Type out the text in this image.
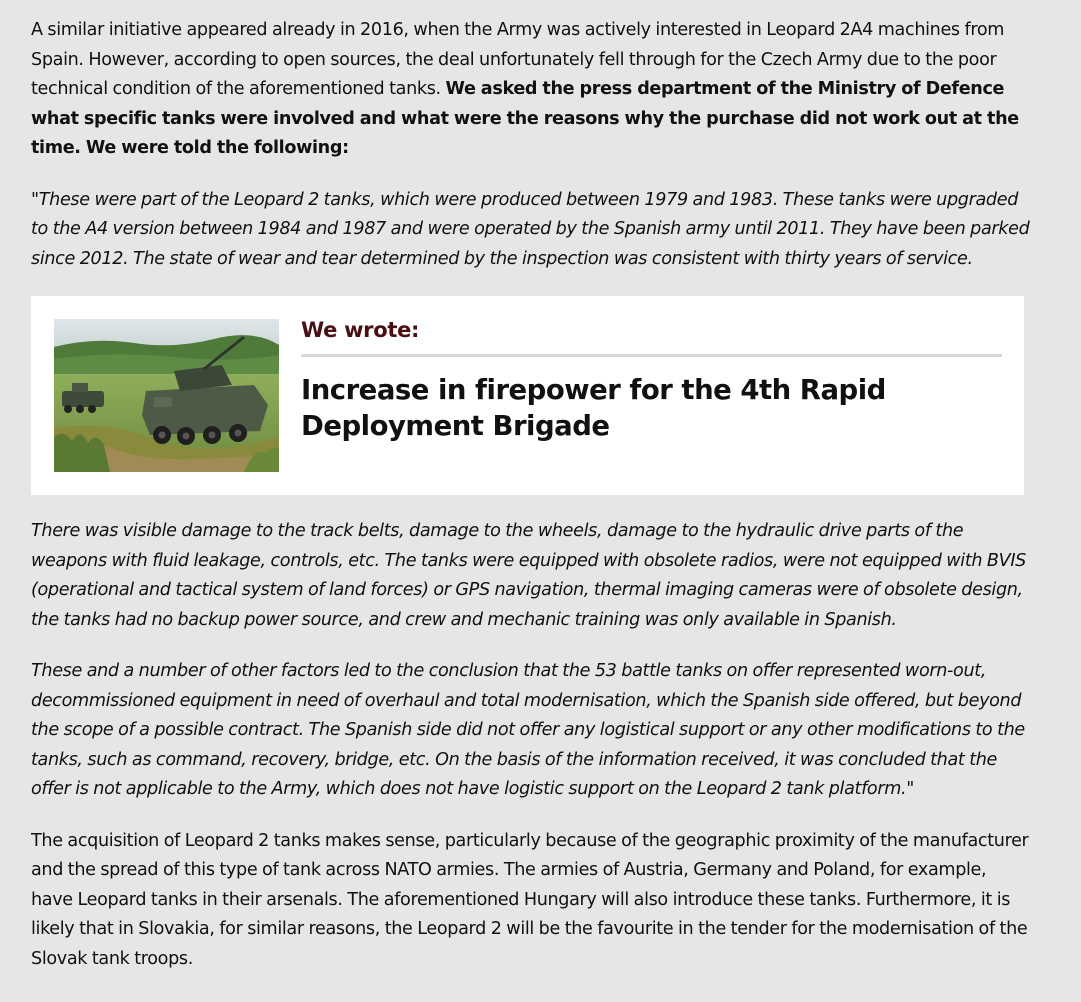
A similar initiative appeared already in 2016, when the Army was actively interested in Leopard 2A4 machines from Spain. However, according to open sources, the deal unfortunately fell through for the Czech Army due to the poor technical condition of the aforementioned tanks. We asked the press department of the Ministry of Defence what specific tanks were involved and what were the reasons why the purchase did not work out at the time. We were told the following:

"These were part of the Leopard 2 tanks, which were produced between 1979 and 1983. These tanks were upgraded to the A4 version between 1984 and 1987 and were operated by the Spanish army until 2011. They have been parked since 2012. The state of wear and tear determined by the inspection was consistent with thirty years of service.

We wrote:
Increase in firepower for the 4th Rapid Deployment Brigade

There was visible damage to the track belts, damage to the wheels, damage to the hydraulic drive parts of the weapons with fluid leakage, controls, etc. The tanks were equipped with obsolete radios, were not equipped with BVIS (operational and tactical system of land forces) or GPS navigation, thermal imaging cameras were of obsolete design, the tanks had no backup power source, and crew and mechanic training was only available in Spanish.

These and a number of other factors led to the conclusion that the 53 battle tanks on offer represented worn-out, decommissioned equipment in need of overhaul and total modernisation, which the Spanish side offered, but beyond the scope of a possible contract. The Spanish side did not offer any logistical support or any other modifications to the tanks, such as command, recovery, bridge, etc. On the basis of the information received, it was concluded that the offer is not applicable to the Army, which does not have logistic support on the Leopard 2 tank platform."

The acquisition of Leopard 2 tanks makes sense, particularly because of the geographic proximity of the manufacturer and the spread of this type of tank across NATO armies. The armies of Austria, Germany and Poland, for example, have Leopard tanks in their arsenals. The aforementioned Hungary will also introduce these tanks. Furthermore, it is likely that in Slovakia, for similar reasons, the Leopard 2 will be the favourite in the tender for the modernisation of the Slovak tank troops.
